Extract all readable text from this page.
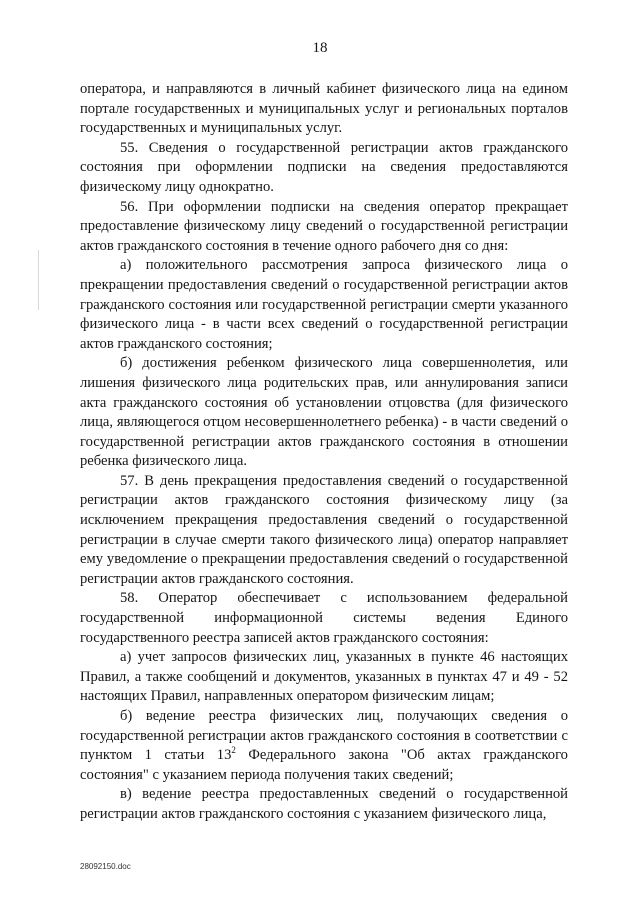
18

оператора, и направляются в личный кабинет физического лица на едином портале государственных и муниципальных услуг и региональных порталов государственных и муниципальных услуг.

55. Сведения о государственной регистрации актов гражданского состояния при оформлении подписки на сведения предоставляются физическому лицу однократно.

56. При оформлении подписки на сведения оператор прекращает предоставление физическому лицу сведений о государственной регистрации актов гражданского состояния в течение одного рабочего дня со дня:

а) положительного рассмотрения запроса физического лица о прекращении предоставления сведений о государственной регистрации актов гражданского состояния или государственной регистрации смерти указанного физического лица - в части всех сведений о государственной регистрации актов гражданского состояния;

б) достижения ребенком физического лица совершеннолетия, или лишения физического лица родительских прав, или аннулирования записи акта гражданского состояния об установлении отцовства (для физического лица, являющегося отцом несовершеннолетнего ребенка) - в части сведений о государственной регистрации актов гражданского состояния в отношении ребенка физического лица.

57. В день прекращения предоставления сведений о государственной регистрации актов гражданского состояния физическому лицу (за исключением прекращения предоставления сведений о государственной регистрации в случае смерти такого физического лица) оператор направляет ему уведомление о прекращении предоставления сведений о государственной регистрации актов гражданского состояния.

58. Оператор обеспечивает с использованием федеральной государственной информационной системы ведения Единого государственного реестра записей актов гражданского состояния:

а) учет запросов физических лиц, указанных в пункте 46 настоящих Правил, а также сообщений и документов, указанных в пунктах 47 и 49 - 52 настоящих Правил, направленных оператором физическим лицам;

б) ведение реестра физических лиц, получающих сведения о государственной регистрации актов гражданского состояния в соответствии с пунктом 1 статьи $13^2$ Федерального закона "Об актах гражданского состояния" с указанием периода получения таких сведений;

в) ведение реестра предоставленных сведений о государственной регистрации актов гражданского состояния с указанием физического лица,

28092150.doc
